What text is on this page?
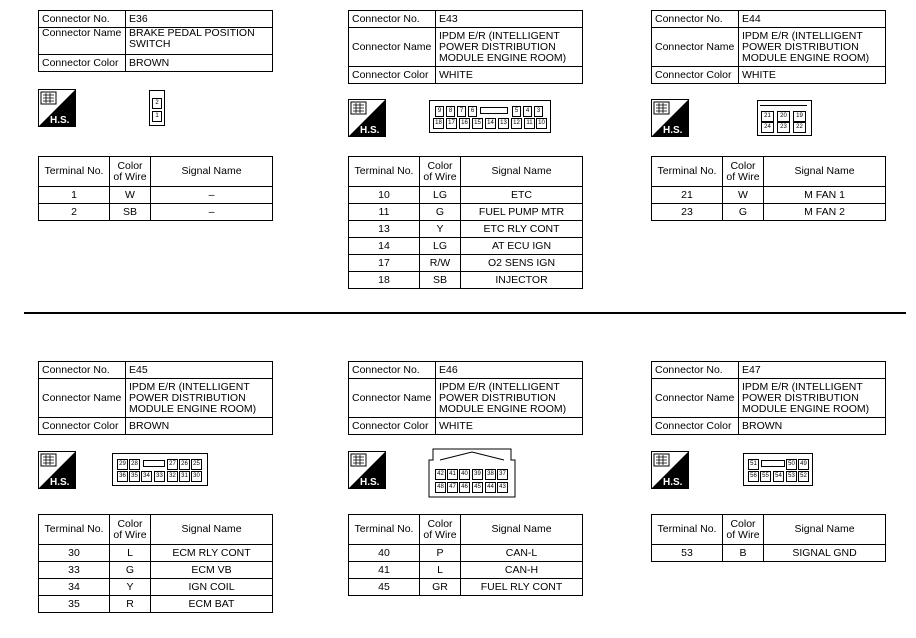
Connector No.	E36
Connector Name	BRAKE PEDAL POSITION SWITCH
Connector Color	BROWN
H.S.
2
1
Terminal No.	Color of Wire	Signal Name
1	W	–
2	SB	–
Connector No.	E43
Connector Name	IPDM E/R (INTELLIGENT POWER DISTRIBUTION MODULE ENGINE ROOM)
Connector Color	WHITE
H.S.
9	8	7	6	5	4	3
18	17	16	15	14	13	12	11 10
Terminal No.	Color of Wire	Signal Name
10	LG	ETC
11	G	FUEL PUMP MTR
13	Y	ETC RLY CONT
14	LG	AT ECU IGN
17	R/W	O2 SENS IGN
18	SB	INJECTOR
Connector No.	E44
Connector Name	IPDM E/R (INTELLIGENT POWER DISTRIBUTION MODULE ENGINE ROOM)
Connector Color	WHITE
H.S.
21	20	19
24	23	22
Terminal No.	Color of Wire	Signal Name
21	W	M FAN 1
23	G	M FAN 2
Connector No.	E45
Connector Name	IPDM E/R (INTELLIGENT POWER DISTRIBUTION MODULE ENGINE ROOM)
Connector Color	BROWN
H.S.
29 28	27 26 25
36 35 34	33	32 31 30
Terminal No.	Color of Wire	Signal Name
30	L	ECM RLY CONT
33	G	ECM VB
34	Y	IGN COIL
35	R	ECM BAT
Connector No.	E46
Connector Name	IPDM E/R (INTELLIGENT POWER DISTRIBUTION MODULE ENGINE ROOM)
Connector Color	WHITE
H.S.
42 41 40	39	38 37
48 47 46	45	44 43
Terminal No.	Color of Wire	Signal Name
40	P	CAN-L
41	L	CAN-H
45	GR	FUEL RLY CONT
Connector No.	E47
Connector Name	IPDM E/R (INTELLIGENT POWER DISTRIBUTION MODULE ENGINE ROOM)
Connector Color	BROWN
H.S.
51	50 49
56 55	54	53 52
Terminal No.	Color of Wire	Signal Name
53	B	SIGNAL GND
